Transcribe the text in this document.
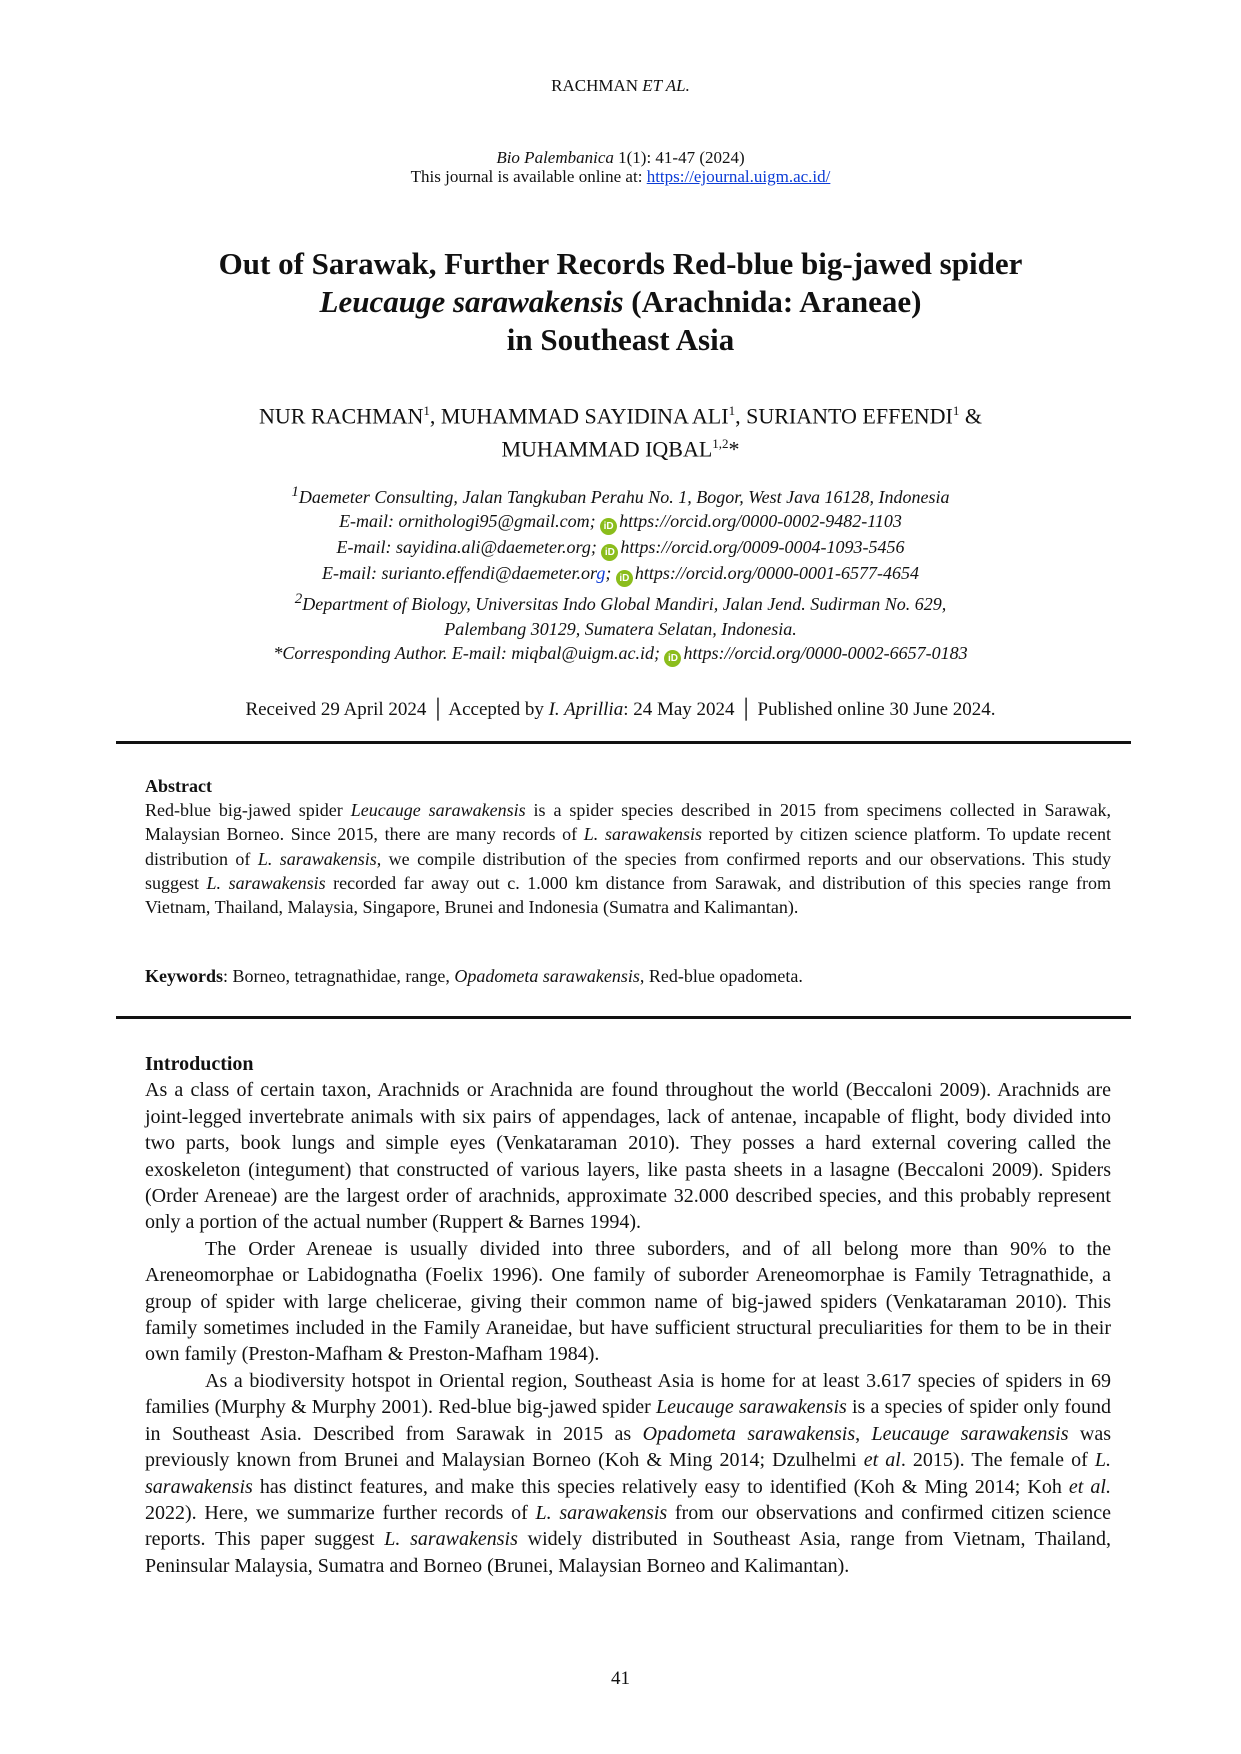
RACHMAN ET AL.
Bio Palembanica 1(1): 41-47 (2024)
This journal is available online at: https://ejournal.uigm.ac.id/
Out of Sarawak, Further Records Red-blue big-jawed spider
Leucauge sarawakensis (Arachnida: Araneae)
in Southeast Asia
NUR RACHMAN$^1$, MUHAMMAD SAYIDINA ALI$^1$, SURIANTO EFFENDI$^1$ &
MUHAMMAD IQBAL$^{1,2}$*
$^1$Daemeter Consulting, Jalan Tangkuban Perahu No. 1, Bogor, West Java 16128, Indonesia
E-mail: ornithologi95@gmail.com; iD https://orcid.org/0000-0002-9482-1103
E-mail: sayidina.ali@daemeter.org; iD https://orcid.org/0009-0004-1093-5456
E-mail: surianto.effendi@daemeter.org; iD https://orcid.org/0000-0001-6577-4654
$^2$Department of Biology, Universitas Indo Global Mandiri, Jalan Jend. Sudirman No. 629,
Palembang 30129, Sumatera Selatan, Indonesia.
*Corresponding Author. E-mail: miqbal@uigm.ac.id; iD https://orcid.org/0000-0002-6657-0183
Received 29 April 2024 │ Accepted by I. Aprillia: 24 May 2024 │ Published online 30 June 2024.
Abstract

Red-blue big-jawed spider Leucauge sarawakensis is a spider species described in 2015 from specimens collected in Sarawak, Malaysian Borneo. Since 2015, there are many records of L. sarawakensis reported by citizen science platform. To update recent distribution of L. sarawakensis, we compile distribution of the species from confirmed reports and our observations. This study suggest L. sarawakensis recorded far away out c. 1.000 km distance from Sarawak, and distribution of this species range from Vietnam, Thailand, Malaysia, Singapore, Brunei and Indonesia (Sumatra and Kalimantan).

Keywords: Borneo, tetragnathidae, range, Opadometa sarawakensis, Red-blue opadometa.
Introduction

As a class of certain taxon, Arachnids or Arachnida are found throughout the world (Beccaloni 2009). Arachnids are joint-legged invertebrate animals with six pairs of appendages, lack of antenae, incapable of flight, body divided into two parts, book lungs and simple eyes (Venkataraman 2010). They posses a hard external covering called the exoskeleton (integument) that constructed of various layers, like pasta sheets in a lasagne (Beccaloni 2009). Spiders (Order Areneae) are the largest order of arachnids, approximate 32.000 described species, and this probably represent only a portion of the actual number (Ruppert & Barnes 1994).

The Order Areneae is usually divided into three suborders, and of all belong more than 90% to the Areneomorphae or Labidognatha (Foelix 1996). One family of suborder Areneomorphae is Family Tetragnathide, a group of spider with large chelicerae, giving their common name of big-jawed spiders (Venkataraman 2010). This family sometimes included in the Family Araneidae, but have sufficient structural preculiarities for them to be in their own family (Preston-Mafham & Preston-Mafham 1984).

As a biodiversity hotspot in Oriental region, Southeast Asia is home for at least 3.617 species of spiders in 69 families (Murphy & Murphy 2001). Red-blue big-jawed spider Leucauge sarawakensis is a species of spider only found in Southeast Asia. Described from Sarawak in 2015 as Opadometa sarawakensis, Leucauge sarawakensis was previously known from Brunei and Malaysian Borneo (Koh & Ming 2014; Dzulhelmi et al. 2015). The female of L. sarawakensis has distinct features, and make this species relatively easy to identified (Koh & Ming 2014; Koh et al. 2022). Here, we summarize further records of L. sarawakensis from our observations and confirmed citizen science reports. This paper suggest L. sarawakensis widely distributed in Southeast Asia, range from Vietnam, Thailand, Peninsular Malaysia, Sumatra and Borneo (Brunei, Malaysian Borneo and Kalimantan).

41
